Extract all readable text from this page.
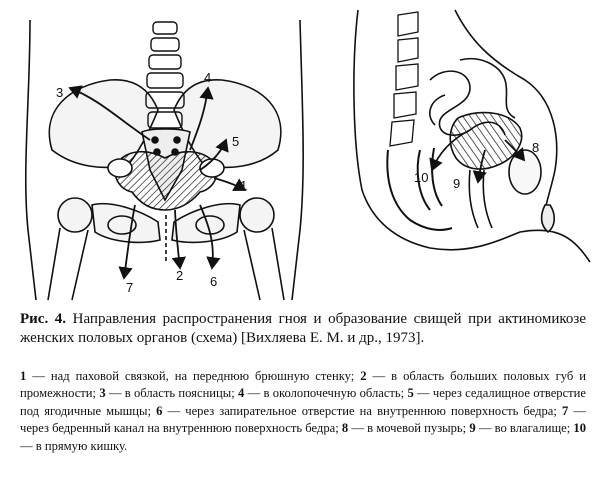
3
4
5
1
2 6
7
10 9
8
Рис. 4. Направления распространения гноя и образование свищей при актиномикозе женских половых органов (схема) [Вихляева Е. М. и др., 1973].
1 — над паховой связкой, на переднюю брюшную стенку; 2 — в область больших половых губ и промежности; 3 — в область поясницы; 4 — в околопочечную область; 5 — через седалищное отверстие под ягодичные мышцы; 6 — через запирательное отверстие на внутреннюю поверхность бедра; 7 — через бедренный канал на внутреннюю поверхность бедра; 8 — в мочевой пузырь; 9 — во влагалище; 10 — в прямую кишку.
